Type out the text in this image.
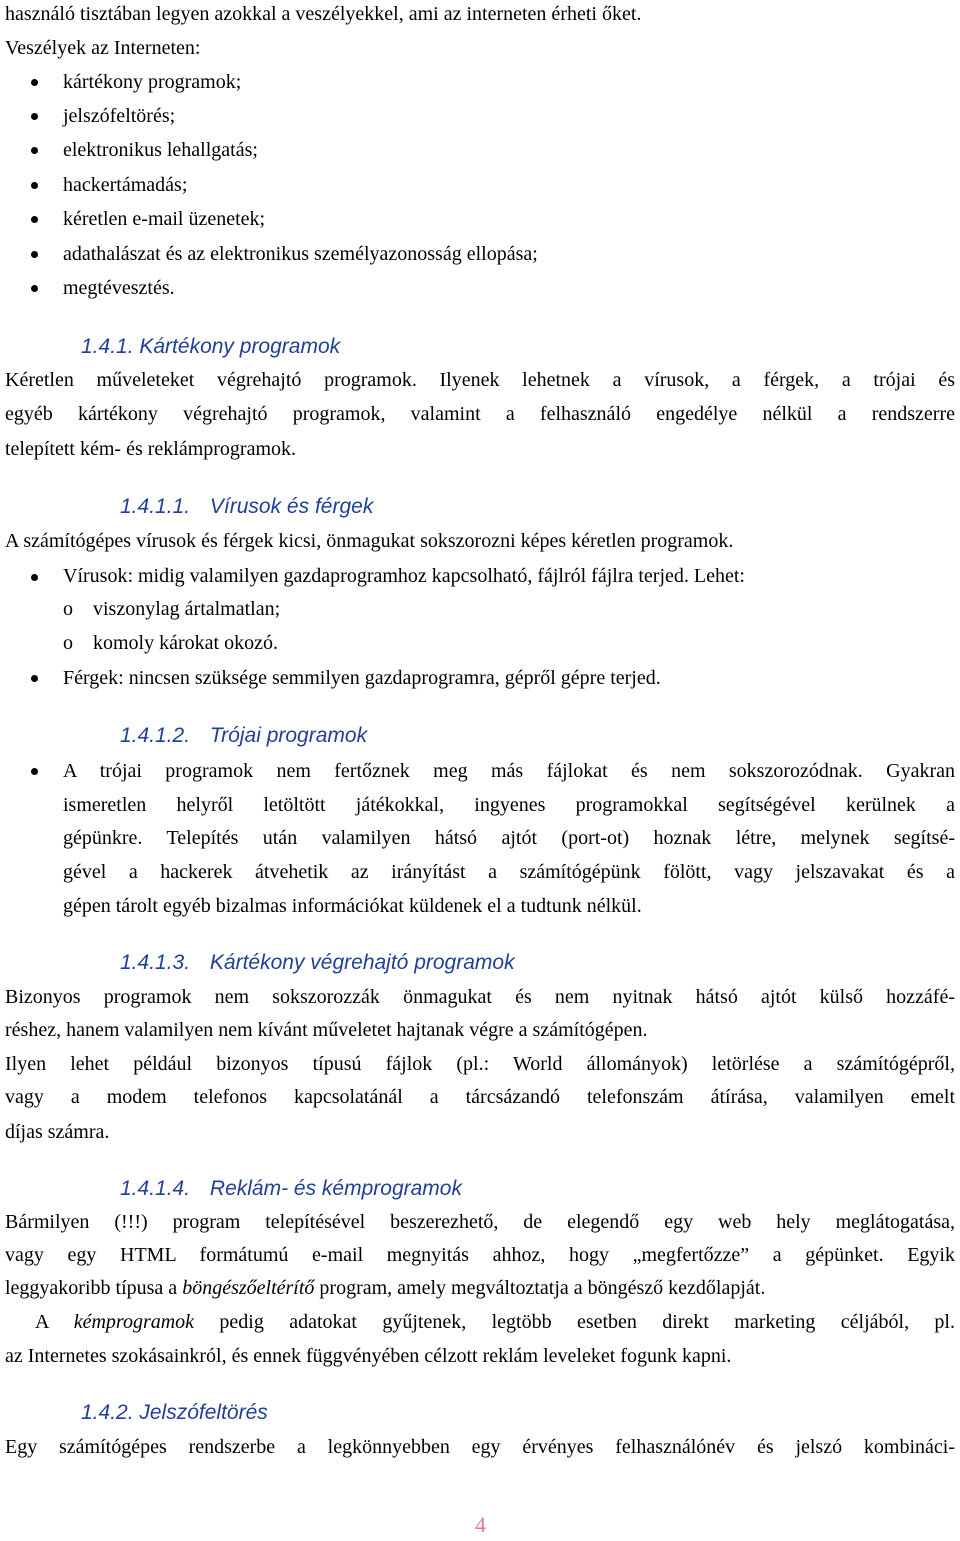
használó tisztában legyen azokkal a veszélyekkel, ami az interneten érheti őket.
Veszélyek az Interneten:
kártékony programok;
jelszófeltörés;
elektronikus lehallgatás;
hackertámadás;
kéretlen e-mail üzenetek;
adathalászat és az elektronikus személyazonosság ellopása;
megtévesztés.
1.4.1. Kártékony programok
Kéretlen műveleteket végrehajtó programok. Ilyenek lehetnek a vírusok, a férgek, a trójai és
egyéb kártékony végrehajtó programok, valamint a felhasználó engedélye nélkül a rendszerre
telepített kém- és reklámprogramok.
1.4.1.1. Vírusok és férgek
A számítógépes vírusok és férgek kicsi, önmagukat sokszorozni képes kéretlen programok.
Vírusok: midig valamilyen gazdaprogramhoz kapcsolható, fájlról fájlra terjed. Lehet:
o viszonylag ártalmatlan;
o komoly károkat okozó.
Férgek: nincsen szüksége semmilyen gazdaprogramra, gépről gépre terjed.
1.4.1.2. Trójai programok
A trójai programok nem fertőznek meg más fájlokat és nem sokszorozódnak. Gyakran
ismeretlen helyről letöltött játékokkal, ingyenes programokkal segítségével kerülnek a
gépünkre. Telepítés után valamilyen hátsó ajtót (port-ot) hoznak létre, melynek segítsé-
gével a hackerek átvehetik az irányítást a számítógépünk fölött, vagy jelszavakat és a
gépen tárolt egyéb bizalmas információkat küldenek el a tudtunk nélkül.
1.4.1.3. Kártékony végrehajtó programok
Bizonyos programok nem sokszorozzák önmagukat és nem nyitnak hátsó ajtót külső hozzáfé-
réshez, hanem valamilyen nem kívánt műveletet hajtanak végre a számítógépen.
Ilyen lehet például bizonyos típusú fájlok (pl.: World állományok) letörlése a számítógépről,
vagy a modem telefonos kapcsolatánál a tárcsázandó telefonszám átírása, valamilyen emelt
díjas számra.
1.4.1.4. Reklám- és kémprogramok
Bármilyen (!!!) program telepítésével beszerezhető, de elegendő egy web hely meglátogatása,
vagy egy HTML formátumú e-mail megnyitás ahhoz, hogy „megfertőzze” a gépünket. Egyik
leggyakoribb típusa a böngészőeltérítő program, amely megváltoztatja a böngésző kezdőlapját.
A kémprogramok pedig adatokat gyűjtenek, legtöbb esetben direkt marketing céljából, pl.
az Internetes szokásainkról, és ennek függvényében célzott reklám leveleket fogunk kapni.
1.4.2. Jelszófeltörés
Egy számítógépes rendszerbe a legkönnyebben egy érvényes felhasználónév és jelszó kombináci-
4
